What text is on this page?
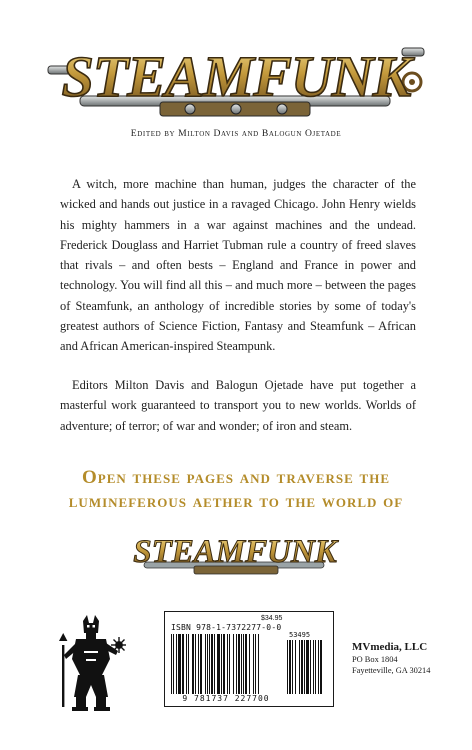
STEAMFUNK
Edited by Milton Davis and Balogun Ojetade

A witch, more machine than human, judges the character of the wicked and hands out justice in a ravaged Chicago. John Henry wields his mighty hammers in a war against machines and the undead. Frederick Douglass and Harriet Tubman rule a country of freed slaves that rivals – and often bests – England and France in power and technology. You will find all this – and much more – between the pages of Steamfunk, an anthology of incredible stories by some of today's greatest authors of Science Fiction, Fantasy and Steamfunk – African and African American-inspired Steampunk.

Editors Milton Davis and Balogun Ojetade have put together a masterful work guaranteed to transport you to new worlds. Worlds of adventure; of terror; of war and wonder; of iron and steam.

Open these pages and traverse the
lumineferous aether to the world of
STEAMFUNK
$34.95
ISBN 978-1-7372277-0-0
53495
9 781737 227700
MVmedia, LLC
PO Box 1804
Fayetteville, GA 30214
